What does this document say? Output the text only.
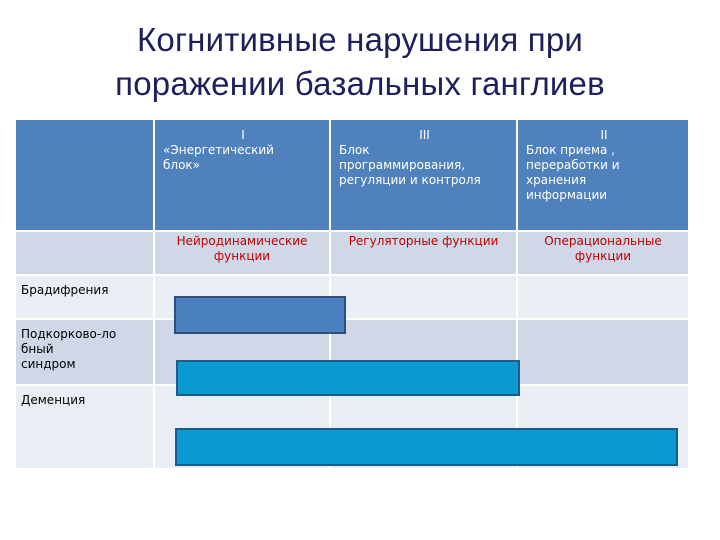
Когнитивные нарушения при
поражении базальных ганглиев
I
«Энергетический
блок»
III
Блок
программирования,
регуляции и контроля
II
Блок приема ,
переработки и
хранения
информации
Нейродинамические функции
Регуляторные функции	Операциональные функции
Брадифрения
Подкорково-ло
бный
синдром
Деменция
